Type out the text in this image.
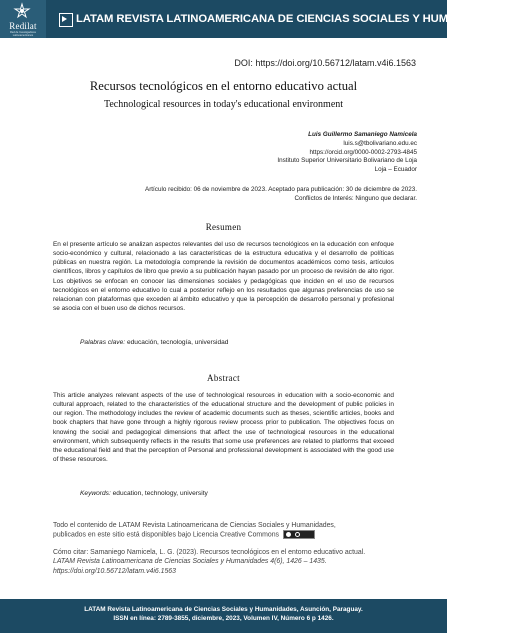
Redilat
Red de Investigadores Latinoamericanos
LATAM REVISTA LATINOAMERICANA DE CIENCIAS SOCIALES Y HUMANIDADES
DOI: https://doi.org/10.56712/latam.v4i6.1563
Recursos tecnológicos en el entorno educativo actual
Technological resources in today's educational environment
Luis Guillermo Samaniego Namicela
luis.s@tbolivariano.edu.ec
https://orcid.org/0000-0002-2793-4845
Instituto Superior Universitario Bolivariano de Loja
Loja – Ecuador
Artículo recibido: 06 de noviembre de 2023. Aceptado para publicación: 30 de diciembre de 2023.
Conflictos de Interés: Ninguno que declarar.
Resumen
En el presente artículo se analizan aspectos relevantes del uso de recursos tecnológicos en la educación con enfoque socio-económico y cultural, relacionado a las características de la estructura educativa y el desarrollo de políticas públicas en nuestra región. La metodología comprende la revisión de documentos académicos como tesis, artículos científicos, libros y capítulos de libro que previo a su publicación hayan pasado por un proceso de revisión de alto rigor. Los objetivos se enfocan en conocer las dimensiones sociales y pedagógicas que inciden en el uso de recursos tecnológicos en el entorno educativo lo cual a posterior reflejo en los resultados que algunas preferencias de uso se relacionan con plataformas que exceden al ámbito educativo y que la percepción de desarrollo personal y profesional se asocia con el buen uso de dichos recursos.
Palabras clave: educación, tecnología, universidad
Abstract
This article analyzes relevant aspects of the use of technological resources in education with a socio-economic and cultural approach, related to the characteristics of the educational structure and the development of public policies in our region. The methodology includes the review of academic documents such as theses, scientific articles, books and book chapters that have gone through a highly rigorous review process prior to publication. The objectives focus on knowing the social and pedagogical dimensions that affect the use of technological resources in the educational environment, which subsequently reflects in the results that some use preferences are related to platforms that exceed the educational field and that the perception of Personal and professional development is associated with the good use of these resources.
Keywords: education, technology, university
Todo el contenido de LATAM Revista Latinoamericana de Ciencias Sociales y Humanidades,
publicados en este sitio está disponibles bajo Licencia Creative Commons
Cómo citar: Samaniego Namicela, L. G. (2023). Recursos tecnológicos en el entorno educativo actual.
LATAM Revista Latinoamericana de Ciencias Sociales y Humanidades 4(6), 1426 – 1435.
https://doi.org/10.56712/latam.v4i6.1563
LATAM Revista Latinoamericana de Ciencias Sociales y Humanidades, Asunción, Paraguay.
ISSN en línea: 2789-3855, diciembre, 2023, Volumen IV, Número 6 p 1426.
